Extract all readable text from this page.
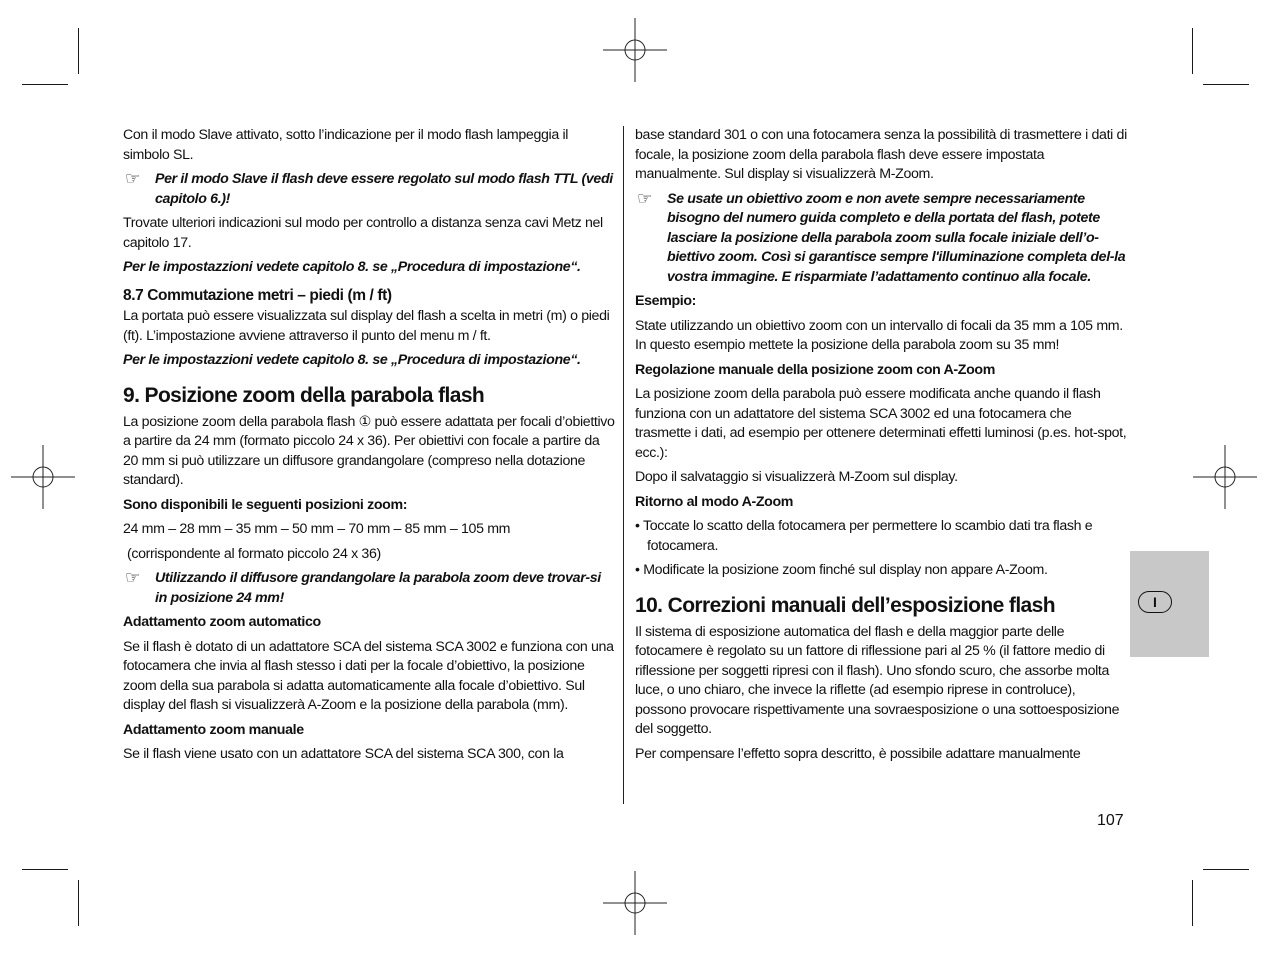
Con il modo Slave attivato, sotto l’indicazione per il modo flash lampeggia il simbolo SL.

☞ Per il modo Slave il flash deve essere regolato sul modo flash TTL (vedi capitolo 6.)!

Trovate ulteriori indicazioni sul modo per controllo a distanza senza cavi Metz nel capitolo 17.

Per le impostazzioni vedete capitolo 8. se „Procedura di impostazione“.

8.7 Commutazione metri – piedi (m / ft)

La portata può essere visualizzata sul display del flash a scelta in metri (m) o piedi (ft). L’impostazione avviene attraverso il punto del menu m / ft.

Per le impostazzioni vedete capitolo 8. se „Procedura di impostazione“.

9. Posizione zoom della parabola flash

La posizione zoom della parabola flash ① può essere adattata per focali d’obiettivo a partire da 24 mm (formato piccolo 24 x 36). Per obiettivi con focale a partire da 20 mm si può utilizzare un diffusore grandangolare (compreso nella dotazione standard).

Sono disponibili le seguenti posizioni zoom:

24 mm – 28 mm – 35 mm – 50 mm – 70 mm – 85 mm – 105 mm

(corrispondente al formato piccolo 24 x 36)

☞ Utilizzando il diffusore grandangolare la parabola zoom deve trovar-si in posizione 24 mm!

Adattamento zoom automatico

Se il flash è dotato di un adattatore SCA del sistema SCA 3002 e funziona con una fotocamera che invia al flash stesso i dati per la focale d’obiettivo, la posizione zoom della sua parabola si adatta automaticamente alla focale d’obiettivo. Sul display del flash si visualizzerà A-Zoom e la posizione della parabola (mm).

Adattamento zoom manuale

Se il flash viene usato con un adattatore SCA del sistema SCA 300, con la

base standard 301 o con una fotocamera senza la possibilità di trasmettere i dati di focale, la posizione zoom della parabola flash deve essere impostata manualmente. Sul display si visualizzerà M-Zoom.

☞ Se usate un obiettivo zoom e non avete sempre necessariamente bisogno del numero guida completo e della portata del flash, potete lasciare la posizione della parabola zoom sulla focale iniziale dell’o-biettivo zoom. Così si garantisce sempre l'illuminazione completa del-la vostra immagine. E risparmiate l’adattamento continuo alla focale.

Esempio:

State utilizzando un obiettivo zoom con un intervallo di focali da 35 mm a 105 mm. In questo esempio mettete la posizione della parabola zoom su 35 mm!

Regolazione manuale della posizione zoom con A-Zoom

La posizione zoom della parabola può essere modificata anche quando il flash funziona con un adattatore del sistema SCA 3002 ed una fotocamera che trasmette i dati, ad esempio per ottenere determinati effetti luminosi (p.es. hot-spot, ecc.):

Dopo il salvataggio si visualizzerà M-Zoom sul display.

Ritorno al modo A-Zoom

• Toccate lo scatto della fotocamera per permettere lo scambio dati tra flash e fotocamera.

• Modificate la posizione zoom finché sul display non appare A-Zoom.

10. Correzioni manuali dell’esposizione flash

Il sistema di esposizione automatica del flash e della maggior parte delle fotocamere è regolato su un fattore di riflessione pari al 25 % (il fattore medio di riflessione per soggetti ripresi con il flash). Uno sfondo scuro, che assorbe molta luce, o uno chiaro, che invece la riflette (ad esempio riprese in controluce), possono provocare rispettivamente una sovraesposizione o una sottoesposizione del soggetto.

Per compensare l’effetto sopra descritto, è possibile adattare manualmente

I
107
